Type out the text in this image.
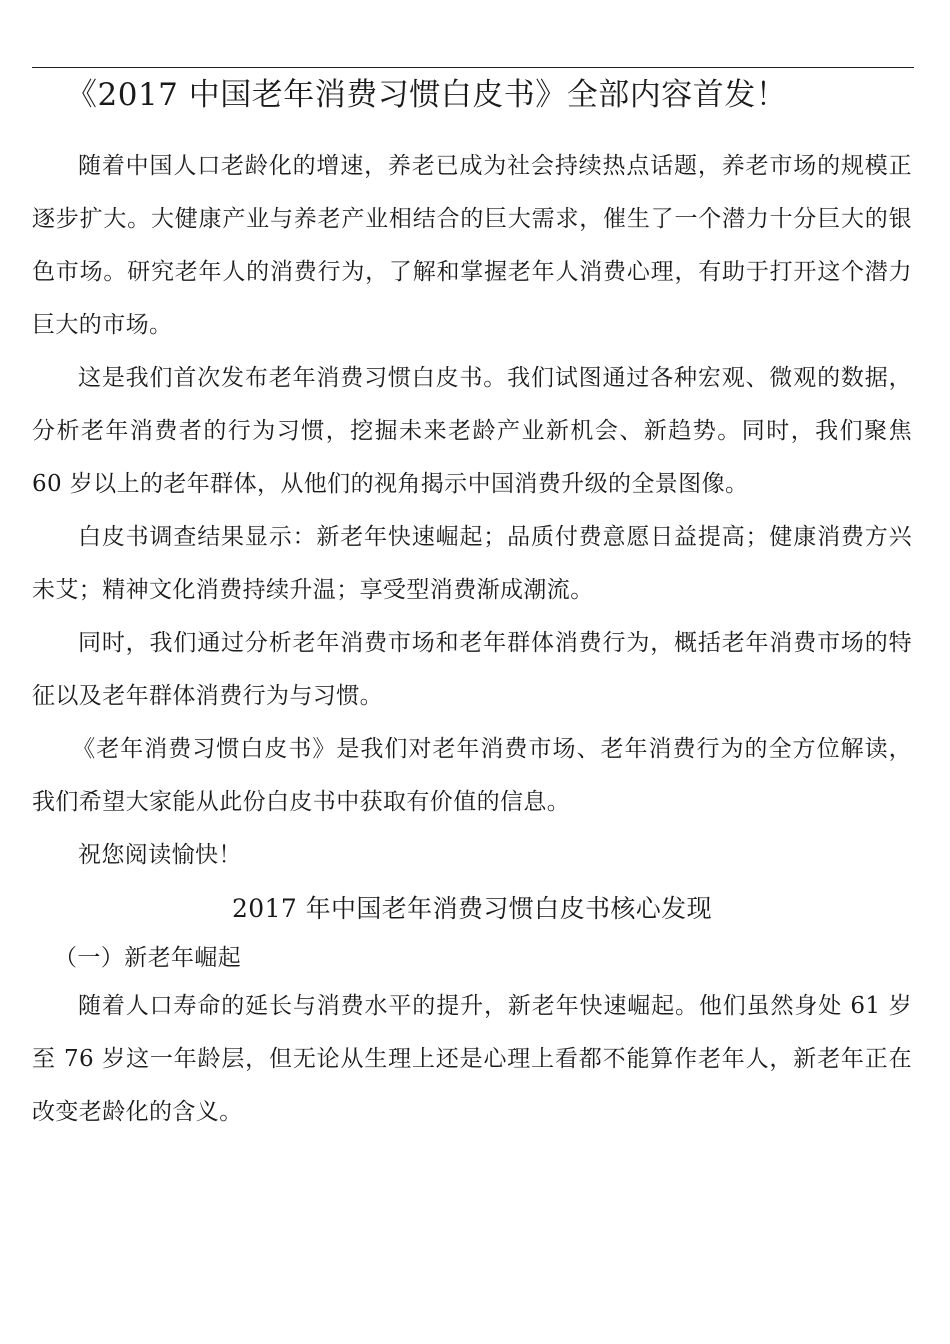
《2017 中国老年消费习惯白皮书》全部内容首发！

随着中国人口老龄化的增速，养老已成为社会持续热点话题，养老市场的规模正逐步扩大。大健康产业与养老产业相结合的巨大需求，催生了一个潜力十分巨大的银色市场。研究老年人的消费行为，了解和掌握老年人消费心理，有助于打开这个潜力巨大的市场。

这是我们首次发布老年消费习惯白皮书。我们试图通过各种宏观、微观的数据，分析老年消费者的行为习惯，挖掘未来老龄产业新机会、新趋势。同时，我们聚焦 60 岁以上的老年群体，从他们的视角揭示中国消费升级的全景图像。

白皮书调查结果显示：新老年快速崛起；品质付费意愿日益提高；健康消费方兴未艾；精神文化消费持续升温；享受型消费渐成潮流。

同时，我们通过分析老年消费市场和老年群体消费行为，概括老年消费市场的特征以及老年群体消费行为与习惯。

《老年消费习惯白皮书》是我们对老年消费市场、老年消费行为的全方位解读，我们希望大家能从此份白皮书中获取有价值的信息。

祝您阅读愉快！

2017 年中国老年消费习惯白皮书核心发现
（一）新老年崛起

随着人口寿命的延长与消费水平的提升，新老年快速崛起。他们虽然身处 61 岁至 76 岁这一年龄层，但无论从生理上还是心理上看都不能算作老年人，新老年正在改变老龄化的含义。
